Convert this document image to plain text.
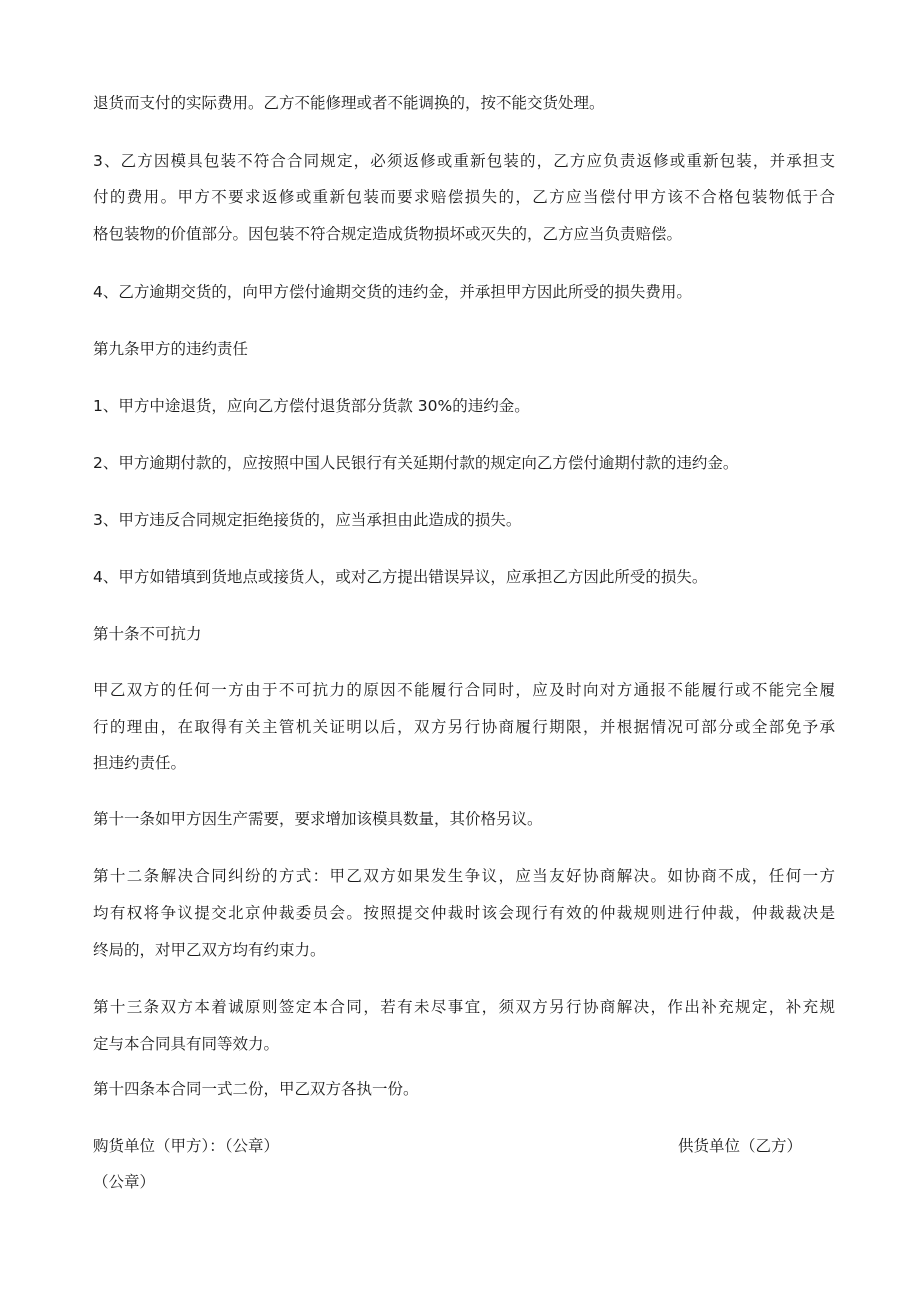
退货而支付的实际费用。乙方不能修理或者不能调换的，按不能交货处理。

3、乙方因模具包装不符合合同规定，必须返修或重新包装的，乙方应负责返修或重新包装，并承担支

付的费用。甲方不要求返修或重新包装而要求赔偿损失的，乙方应当偿付甲方该不合格包装物低于合

格包装物的价值部分。因包装不符合规定造成货物损坏或灭失的，乙方应当负责赔偿。

4、乙方逾期交货的，向甲方偿付逾期交货的违约金，并承担甲方因此所受的损失费用。

第九条甲方的违约责任

1、甲方中途退货，应向乙方偿付退货部分货款 30%的违约金。

2、甲方逾期付款的，应按照中国人民银行有关延期付款的规定向乙方偿付逾期付款的违约金。

3、甲方违反合同规定拒绝接货的，应当承担由此造成的损失。

4、甲方如错填到货地点或接货人，或对乙方提出错误异议，应承担乙方因此所受的损失。

第十条不可抗力

甲乙双方的任何一方由于不可抗力的原因不能履行合同时，应及时向对方通报不能履行或不能完全履

行的理由，在取得有关主管机关证明以后，双方另行协商履行期限，并根据情况可部分或全部免予承

担违约责任。

第十一条如甲方因生产需要，要求增加该模具数量，其价格另议。

第十二条解决合同纠纷的方式：甲乙双方如果发生争议，应当友好协商解决。如协商不成，任何一方

均有权将争议提交北京仲裁委员会。按照提交仲裁时该会现行有效的仲裁规则进行仲裁，仲裁裁决是

终局的，对甲乙双方均有约束力。

第十三条双方本着诚原则签定本合同，若有未尽事宜，须双方另行协商解决，作出补充规定，补充规

定与本合同具有同等效力。

第十四条本合同一式二份，甲乙双方各执一份。

购货单位（甲方）：（公章）	供货单位（乙方）

（公章）
